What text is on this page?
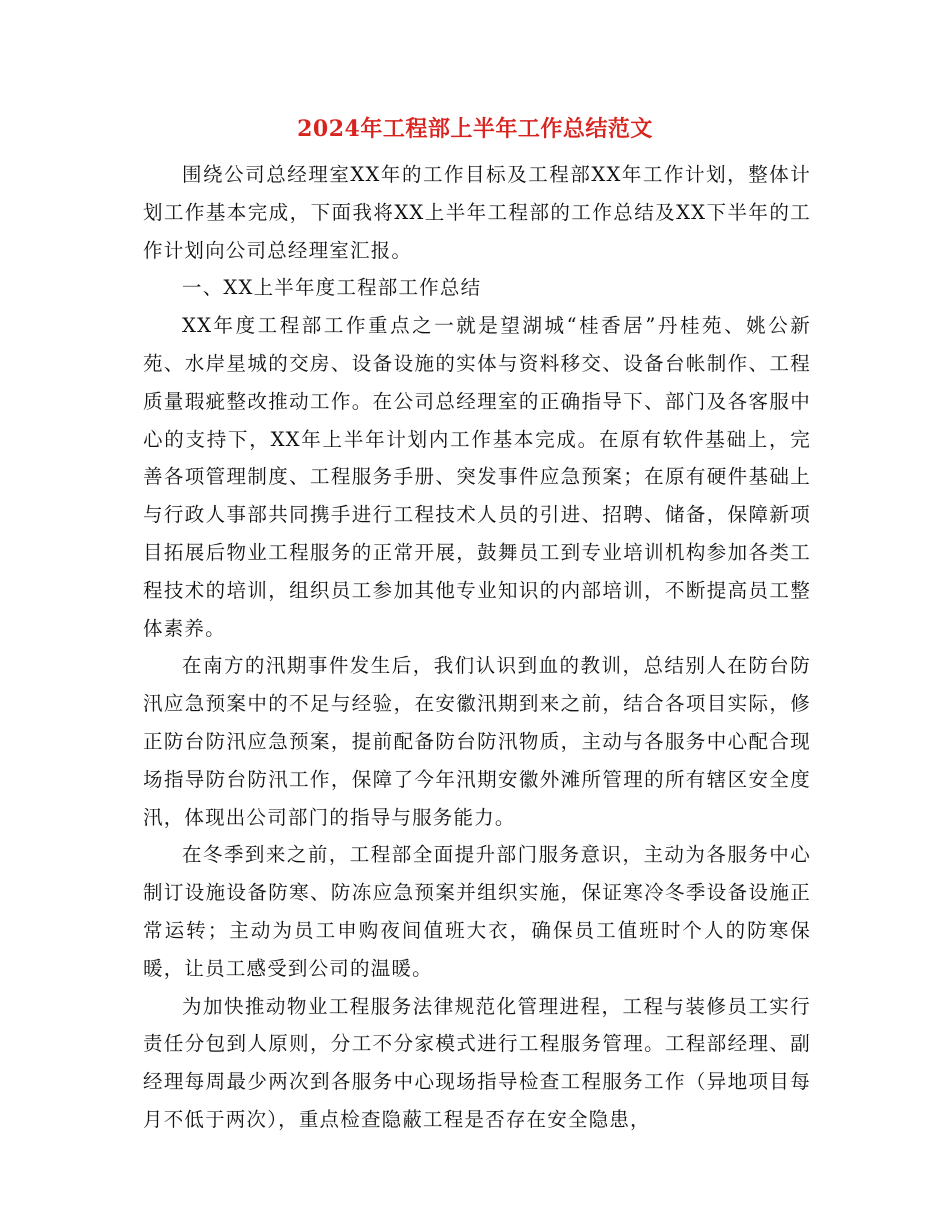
2024年工程部上半年工作总结范文

围绕公司总经理室XX年的工作目标及工程部XX年工作计划，整体计划工作基本完成，下面我将XX上半年工程部的工作总结及XX下半年的工作计划向公司总经理室汇报。

一、XX上半年度工程部工作总结

XX年度工程部工作重点之一就是望湖城“桂香居”丹桂苑、姚公新苑、水岸星城的交房、设备设施的实体与资料移交、设备台帐制作、工程质量瑕疵整改推动工作。在公司总经理室的正确指导下、部门及各客服中心的支持下，XX年上半年计划内工作基本完成。在原有软件基础上，完善各项管理制度、工程服务手册、突发事件应急预案；在原有硬件基础上与行政人事部共同携手进行工程技术人员的引进、招聘、储备，保障新项目拓展后物业工程服务的正常开展，鼓舞员工到专业培训机构参加各类工程技术的培训，组织员工参加其他专业知识的内部培训，不断提高员工整体素养。

在南方的汛期事件发生后，我们认识到血的教训，总结别人在防台防汛应急预案中的不足与经验，在安徽汛期到来之前，结合各项目实际，修正防台防汛应急预案，提前配备防台防汛物质，主动与各服务中心配合现场指导防台防汛工作，保障了今年汛期安徽外滩所管理的所有辖区安全度汛，体现出公司部门的指导与服务能力。

在冬季到来之前，工程部全面提升部门服务意识，主动为各服务中心制订设施设备防寒、防冻应急预案并组织实施，保证寒冷冬季设备设施正常运转；主动为员工申购夜间值班大衣，确保员工值班时个人的防寒保暖，让员工感受到公司的温暖。

为加快推动物业工程服务法律规范化管理进程，工程与装修员工实行责任分包到人原则，分工不分家模式进行工程服务管理。工程部经理、副经理每周最少两次到各服务中心现场指导检查工程服务工作（异地项目每月不低于两次），重点检查隐蔽工程是否存在安全隐患，
